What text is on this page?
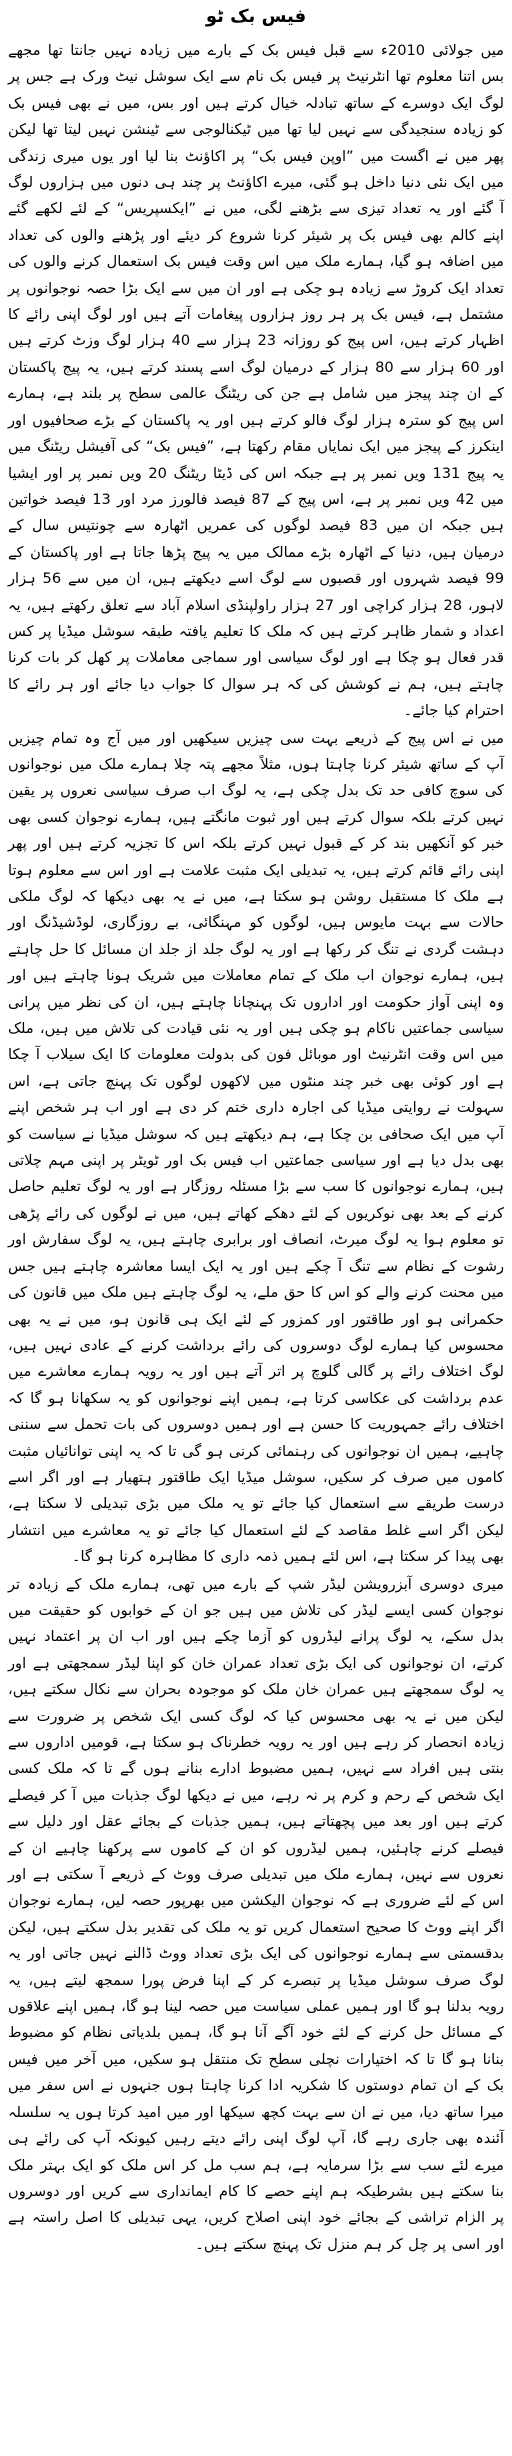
فیس بک ٹو

میں جولائی 2010ء سے قبل فیس بک کے بارے میں زیادہ نہیں جانتا تھا مجھے بس اتنا معلوم تھا انٹرنیٹ پر فیس بک نام سے ایک سوشل نیٹ ورک ہے جس پر لوگ ایک دوسرے کے ساتھ تبادلہ خیال کرتے ہیں اور بس، میں نے بھی فیس بک کو زیادہ سنجیدگی سے نہیں لیا تھا میں ٹیکنالوجی سے ٹینشن نہیں لیتا تھا لیکن پھر میں نے اگست میں ”اوپن فیس بک“ پر اکاؤنٹ بنا لیا اور یوں میری زندگی میں ایک نئی دنیا داخل ہو گئی، میرے اکاؤنٹ پر چند ہی دنوں میں ہزاروں لوگ آ گئے اور یہ تعداد تیزی سے بڑھنے لگی، میں نے ”ایکسپریس“ کے لئے لکھے گئے اپنے کالم بھی فیس بک پر شیئر کرنا شروع کر دیئے اور پڑھنے والوں کی تعداد میں اضافہ ہو گیا، ہمارے ملک میں اس وقت فیس بک استعمال کرنے والوں کی تعداد ایک کروڑ سے زیادہ ہو چکی ہے اور ان میں سے ایک بڑا حصہ نوجوانوں پر مشتمل ہے، فیس بک پر ہر روز ہزاروں پیغامات آتے ہیں اور لوگ اپنی رائے کا اظہار کرتے ہیں، اس پیج کو روزانہ 23 ہزار سے 40 ہزار لوگ وزٹ کرتے ہیں اور 60 ہزار سے 80 ہزار کے درمیان لوگ اسے پسند کرتے ہیں، یہ پیج پاکستان کے ان چند پیجز میں شامل ہے جن کی ریٹنگ عالمی سطح پر بلند ہے، ہمارے اس پیج کو سترہ ہزار لوگ فالو کرتے ہیں اور یہ پاکستان کے بڑے صحافیوں اور اینکرز کے پیجز میں ایک نمایاں مقام رکھتا ہے، ”فیس بک“ کی آفیشل ریٹنگ میں یہ پیج 131 ویں نمبر پر ہے جبکہ اس کی ڈیٹا ریٹنگ 20 ویں نمبر پر اور ایشیا میں 42 ویں نمبر پر ہے، اس پیج کے 87 فیصد فالورز مرد اور 13 فیصد خواتین ہیں جبکہ ان میں 83 فیصد لوگوں کی عمریں اٹھارہ سے چونتیس سال کے درمیان ہیں، دنیا کے اٹھارہ بڑے ممالک میں یہ پیج پڑھا جاتا ہے اور پاکستان کے 99 فیصد شہروں اور قصبوں سے لوگ اسے دیکھتے ہیں، ان میں سے 56 ہزار لاہور، 28 ہزار کراچی اور 27 ہزار راولپنڈی اسلام آباد سے تعلق رکھتے ہیں، یہ اعداد و شمار ظاہر کرتے ہیں کہ ملک کا تعلیم یافتہ طبقہ سوشل میڈیا پر کس قدر فعال ہو چکا ہے اور لوگ سیاسی اور سماجی معاملات پر کھل کر بات کرنا چاہتے ہیں، ہم نے کوشش کی کہ ہر سوال کا جواب دیا جائے اور ہر رائے کا احترام کیا جائے۔

میں نے اس پیج کے ذریعے بہت سی چیزیں سیکھیں اور میں آج وہ تمام چیزیں آپ کے ساتھ شیئر کرنا چاہتا ہوں، مثلاً مجھے پتہ چلا ہمارے ملک میں نوجوانوں کی سوچ کافی حد تک بدل چکی ہے، یہ لوگ اب صرف سیاسی نعروں پر یقین نہیں کرتے بلکہ سوال کرتے ہیں اور ثبوت مانگتے ہیں، ہمارے نوجوان کسی بھی خبر کو آنکھیں بند کر کے قبول نہیں کرتے بلکہ اس کا تجزیہ کرتے ہیں اور پھر اپنی رائے قائم کرتے ہیں، یہ تبدیلی ایک مثبت علامت ہے اور اس سے معلوم ہوتا ہے ملک کا مستقبل روشن ہو سکتا ہے، میں نے یہ بھی دیکھا کہ لوگ ملکی حالات سے بہت مایوس ہیں، لوگوں کو مہنگائی، بے روزگاری، لوڈشیڈنگ اور دہشت گردی نے تنگ کر رکھا ہے اور یہ لوگ جلد از جلد ان مسائل کا حل چاہتے ہیں، ہمارے نوجوان اب ملک کے تمام معاملات میں شریک ہونا چاہتے ہیں اور وہ اپنی آواز حکومت اور اداروں تک پہنچانا چاہتے ہیں، ان کی نظر میں پرانی سیاسی جماعتیں ناکام ہو چکی ہیں اور یہ نئی قیادت کی تلاش میں ہیں، ملک میں اس وقت انٹرنیٹ اور موبائل فون کی بدولت معلومات کا ایک سیلاب آ چکا ہے اور کوئی بھی خبر چند منٹوں میں لاکھوں لوگوں تک پہنچ جاتی ہے، اس سہولت نے روایتی میڈیا کی اجارہ داری ختم کر دی ہے اور اب ہر شخص اپنے آپ میں ایک صحافی بن چکا ہے، ہم دیکھتے ہیں کہ سوشل میڈیا نے سیاست کو بھی بدل دیا ہے اور سیاسی جماعتیں اب فیس بک اور ٹویٹر پر اپنی مہم چلاتی ہیں، ہمارے نوجوانوں کا سب سے بڑا مسئلہ روزگار ہے اور یہ لوگ تعلیم حاصل کرنے کے بعد بھی نوکریوں کے لئے دھکے کھاتے ہیں، میں نے لوگوں کی رائے پڑھی تو معلوم ہوا یہ لوگ میرٹ، انصاف اور برابری چاہتے ہیں، یہ لوگ سفارش اور رشوت کے نظام سے تنگ آ چکے ہیں اور یہ ایک ایسا معاشرہ چاہتے ہیں جس میں محنت کرنے والے کو اس کا حق ملے، یہ لوگ چاہتے ہیں ملک میں قانون کی حکمرانی ہو اور طاقتور اور کمزور کے لئے ایک ہی قانون ہو، میں نے یہ بھی محسوس کیا ہمارے لوگ دوسروں کی رائے برداشت کرنے کے عادی نہیں ہیں، لوگ اختلاف رائے پر گالی گلوچ پر اتر آتے ہیں اور یہ رویہ ہمارے معاشرے میں عدم برداشت کی عکاسی کرتا ہے، ہمیں اپنے نوجوانوں کو یہ سکھانا ہو گا کہ اختلاف رائے جمہوریت کا حسن ہے اور ہمیں دوسروں کی بات تحمل سے سننی چاہیے، ہمیں ان نوجوانوں کی رہنمائی کرنی ہو گی تا کہ یہ اپنی توانائیاں مثبت کاموں میں صرف کر سکیں، سوشل میڈیا ایک طاقتور ہتھیار ہے اور اگر اسے درست طریقے سے استعمال کیا جائے تو یہ ملک میں بڑی تبدیلی لا سکتا ہے، لیکن اگر اسے غلط مقاصد کے لئے استعمال کیا جائے تو یہ معاشرے میں انتشار بھی پیدا کر سکتا ہے، اس لئے ہمیں ذمہ داری کا مظاہرہ کرنا ہو گا۔

میری دوسری آبزرویشن لیڈر شپ کے بارے میں تھی، ہمارے ملک کے زیادہ تر نوجوان کسی ایسے لیڈر کی تلاش میں ہیں جو ان کے خوابوں کو حقیقت میں بدل سکے، یہ لوگ پرانے لیڈروں کو آزما چکے ہیں اور اب ان پر اعتماد نہیں کرتے، ان نوجوانوں کی ایک بڑی تعداد عمران خان کو اپنا لیڈر سمجھتی ہے اور یہ لوگ سمجھتے ہیں عمران خان ملک کو موجودہ بحران سے نکال سکتے ہیں، لیکن میں نے یہ بھی محسوس کیا کہ لوگ کسی ایک شخص پر ضرورت سے زیادہ انحصار کر رہے ہیں اور یہ رویہ خطرناک ہو سکتا ہے، قومیں اداروں سے بنتی ہیں افراد سے نہیں، ہمیں مضبوط ادارے بنانے ہوں گے تا کہ ملک کسی ایک شخص کے رحم و کرم پر نہ رہے، میں نے دیکھا لوگ جذبات میں آ کر فیصلے کرتے ہیں اور بعد میں پچھتاتے ہیں، ہمیں جذبات کے بجائے عقل اور دلیل سے فیصلے کرنے چاہئیں، ہمیں لیڈروں کو ان کے کاموں سے پرکھنا چاہیے ان کے نعروں سے نہیں، ہمارے ملک میں تبدیلی صرف ووٹ کے ذریعے آ سکتی ہے اور اس کے لئے ضروری ہے کہ نوجوان الیکشن میں بھرپور حصہ لیں، ہمارے نوجوان اگر اپنے ووٹ کا صحیح استعمال کریں تو یہ ملک کی تقدیر بدل سکتے ہیں، لیکن بدقسمتی سے ہمارے نوجوانوں کی ایک بڑی تعداد ووٹ ڈالنے نہیں جاتی اور یہ لوگ صرف سوشل میڈیا پر تبصرے کر کے اپنا فرض پورا سمجھ لیتے ہیں، یہ رویہ بدلنا ہو گا اور ہمیں عملی سیاست میں حصہ لینا ہو گا، ہمیں اپنے علاقوں کے مسائل حل کرنے کے لئے خود آگے آنا ہو گا، ہمیں بلدیاتی نظام کو مضبوط بنانا ہو گا تا کہ اختیارات نچلی سطح تک منتقل ہو سکیں، میں آخر میں فیس بک کے ان تمام دوستوں کا شکریہ ادا کرنا چاہتا ہوں جنہوں نے اس سفر میں میرا ساتھ دیا، میں نے ان سے بہت کچھ سیکھا اور میں امید کرتا ہوں یہ سلسلہ آئندہ بھی جاری رہے گا، آپ لوگ اپنی رائے دیتے رہیں کیونکہ آپ کی رائے ہی میرے لئے سب سے بڑا سرمایہ ہے، ہم سب مل کر اس ملک کو ایک بہتر ملک بنا سکتے ہیں بشرطیکہ ہم اپنے حصے کا کام ایمانداری سے کریں اور دوسروں پر الزام تراشی کے بجائے خود اپنی اصلاح کریں، یہی تبدیلی کا اصل راستہ ہے اور اسی پر چل کر ہم منزل تک پہنچ سکتے ہیں۔
